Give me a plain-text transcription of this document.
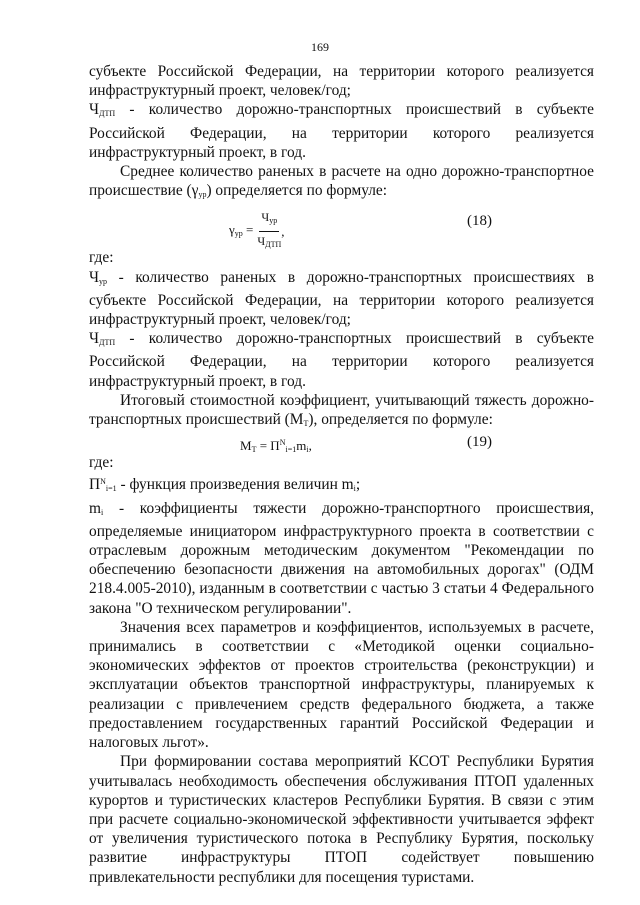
169

субъекте Российской Федерации, на территории которого реализуется инфраструктурный проект, человек/год;

$Ч_{ДТП}$ - количество дорожно-транспортных происшествий в субъекте Российской Федерации, на территории которого реализуется инфраструктурный проект, в год.

Среднее количество раненых в расчете на одно дорожно-транспортное происшествие $(\gamma_{ур})$ определяется по формуле:

$\gamma_{ур}$ =
$Ч_{ур}$
$Ч_{ДТП}$
,
(18)

где:

$Ч_{ур}$ - количество раненых в дорожно-транспортных происшествиях в субъекте Российской Федерации, на территории которого реализуется инфраструктурный проект, человек/год;

$Ч_{ДТП}$ - количество дорожно-транспортных происшествий в субъекте Российской Федерации, на территории которого реализуется инфраструктурный проект, в год.

Итоговый стоимостной коэффициент, учитывающий тяжесть дорожно-транспортных происшествий $(М_Т)$, определяется по формуле:

$М_Т = П^N_{i=1}m_i$,	(19)

где:

$П^N_{i=1}$ - функция произведения величин $m_i$;

$m_i$ - коэффициенты тяжести дорожно-транспортного происшествия, определяемые инициатором инфраструктурного проекта в соответствии с отраслевым дорожным методическим документом "Рекомендации по обеспечению безопасности движения на автомобильных дорогах" (ОДМ 218.4.005-2010), изданным в соответствии с частью 3 статьи 4 Федерального закона "О техническом регулировании".

Значения всех параметров и коэффициентов, используемых в расчете, принимались в соответствии с «Методикой оценки социально-экономических эффектов от проектов строительства (реконструкции) и эксплуатации объектов транспортной инфраструктуры, планируемых к реализации с привлечением средств федерального бюджета, а также предоставлением государственных гарантий Российской Федерации и налоговых льгот».

При формировании состава мероприятий КСОТ Республики Бурятия учитывалась необходимость обеспечения обслуживания ПТОП удаленных курортов и туристических кластеров Республики Бурятия. В связи с этим при расчете социально-экономической эффективности учитывается эффект от увеличения туристического потока в Республику Бурятия, поскольку развитие инфраструктуры ПТОП содействует повышению привлекательности республики для посещения туристами.
